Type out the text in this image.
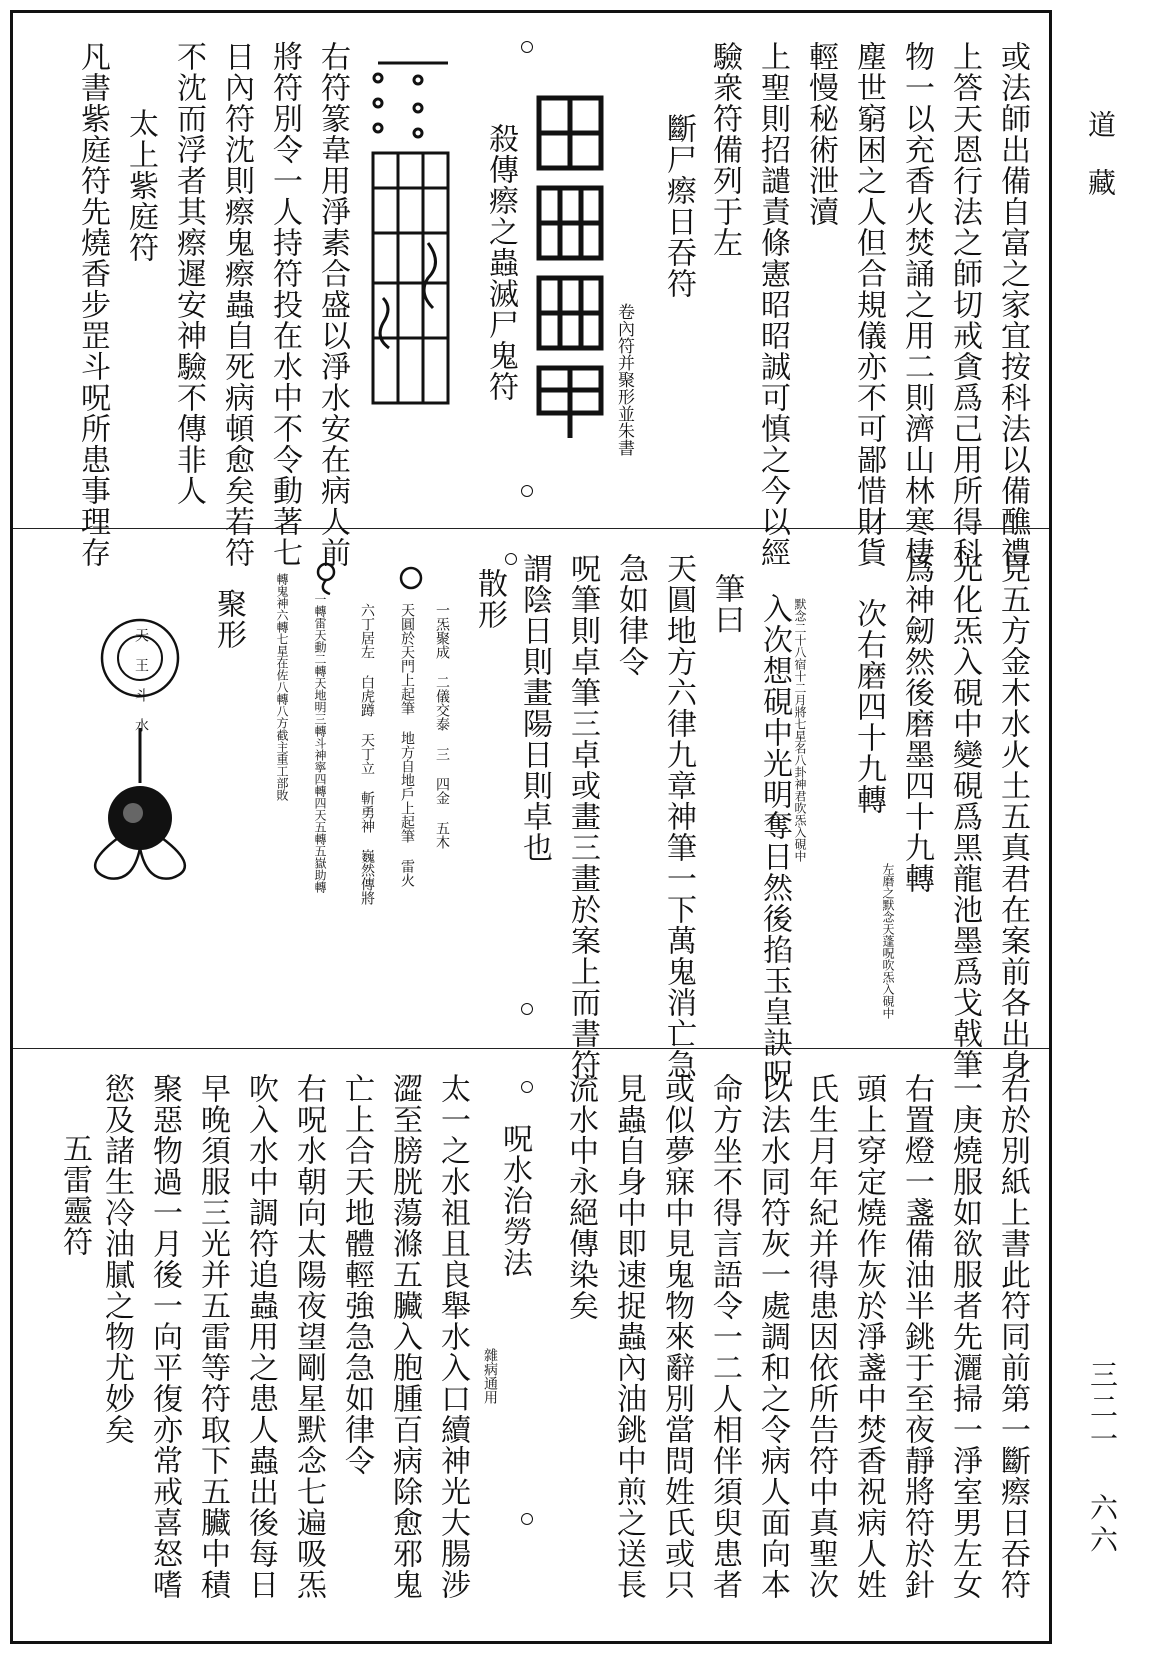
道藏
三二一 六六
或法師出備自富之家宜按科法以備醮禮
上答天恩行法之師切戒貪爲己用所得科
物一以充香火焚誦之用二則濟山林寒棲
塵世窮困之人但合規儀亦不可鄙惜財貨
輕慢秘術泄瀆
上聖則招譴責條憲昭昭誠可慎之今以經
驗衆符備列于左
斷尸瘵日吞符
卷內符并聚形並朱書
殺傳瘵之蟲滅尸鬼符
右符篆韋用淨素合盛以淨水安在病人前
將符別令一人持符投在水中不令動著七
日內符沈則瘵鬼瘵蟲自死病頓愈矣若符
不沈而浮者其瘵遲安神驗不傳非人
太上紫庭符
凡書紫庭符先燒香步罡斗呪所患事理存
見五方金木水火土五真君在案前各出身
光化炁入硯中變硯爲黑龍池墨爲戈戟筆
爲神劒然後磨墨四十九轉
左磨之默念天蓬呪吹炁入硯中
次右磨四十九轉
默念二十八宿十二月將七星名八卦神君吹炁入硯中
入次想硯中光明奪日然後掐玉皇訣呪
筆曰
天圓地方六律九章神筆一下萬鬼消亡急
急如律令
呪筆則卓筆三卓或畫三畫於案上而書符
謂陰日則畫陽日則卓也
散形
一炁聚成 二儀交泰 三 四金 五木
天圓於天門上起筆 地方自地戶上起筆 雷火
六丁居左 白虎蹲 天丁立 斬勇神 巍然傳將
一轉雷天動二轉天地明三轉斗神寧四轉四天五轉五嶽助轉
轉鬼神六轉七星在佐八轉八方截主重工部敗
聚形
天 王 斗 水
右於別紙上書此符同前第一斷瘵日吞符
一庚燒服如欲服者先灑掃一淨室男左女
右置燈一盞備油半銚于至夜靜將符於針
頭上穿定燒作灰於淨盞中焚香祝病人姓
氏生月年紀并得患因依所告符中真聖次
以法水同符灰一處調和之令病人面向本
命方坐不得言語令一二人相伴須臾患者
或似夢寐中見鬼物來辭別當問姓氏或只
見蟲自身中即速捉蟲內油銚中煎之送長
流水中永絕傳染矣
呪水治勞法
雜病通用
太一之水祖且良舉水入口續神光大腸涉
澀至膀胱蕩滌五臟入胞腫百病除愈邪鬼
亡上合天地體輕強急急如律令
右呪水朝向太陽夜望剛星默念七遍吸炁
吹入水中調符追蟲用之患人蟲出後每日
早晚須服三光并五雷等符取下五臟中積
聚惡物過一月後一向平復亦常戒喜怒嗜
慾及諸生冷油膩之物尤妙矣
五雷靈符
